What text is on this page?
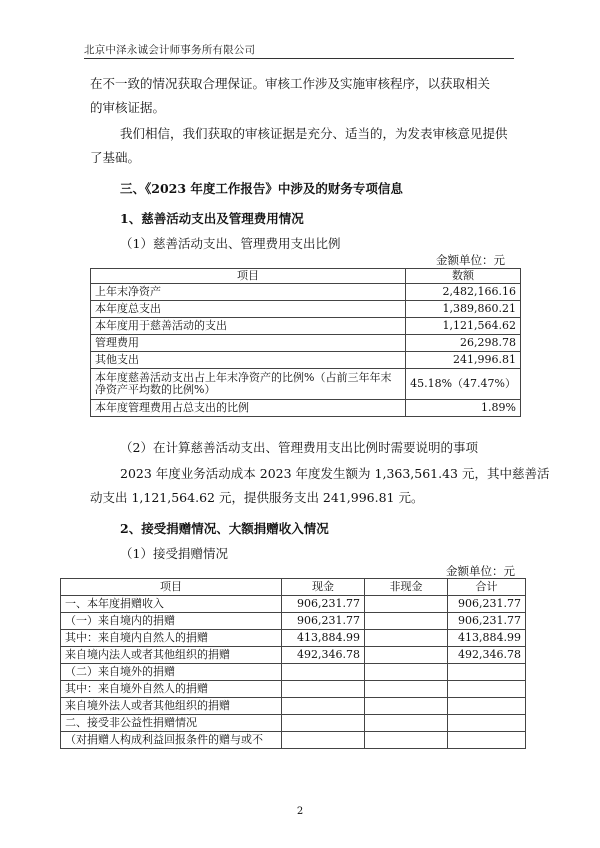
北京中泽永诚会计师事务所有限公司
在不一致的情况获取合理保证。审核工作涉及实施审核程序，以获取相关
的审核证据。
我们相信，我们获取的审核证据是充分、适当的，为发表审核意见提供
了基础。
三、《2023 年度工作报告》中涉及的财务专项信息
1、慈善活动支出及管理费用情况
（1）慈善活动支出、管理费用支出比例
金额单位：元
项目	数额
上年末净资产	2,482,166.16
本年度总支出	1,389,860.21
本年度用于慈善活动的支出	1,121,564.62
管理费用	26,298.78
其他支出	241,996.81
本年度慈善活动支出占上年末净资产的比例%（占前三年年末净资产平均数的比例%）	45.18%（47.47%）
本年度管理费用占总支出的比例	1.89%
（2）在计算慈善活动支出、管理费用支出比例时需要说明的事项
2023 年度业务活动成本 2023 年度发生额为 1,363,561.43 元，其中慈善活
动支出 1,121,564.62 元，提供服务支出 241,996.81 元。
2、接受捐赠情况、大额捐赠收入情况
（1）接受捐赠情况
金额单位：元
项目	现金	非现金	合计
一、本年度捐赠收入	906,231.77		906,231.77
（一）来自境内的捐赠	906,231.77		906,231.77
其中：来自境内自然人的捐赠	413,884.99		413,884.99
来自境内法人或者其他组织的捐赠	492,346.78		492,346.78
（二）来自境外的捐赠			
其中：来自境外自然人的捐赠			
来自境外法人或者其他组织的捐赠			
二、接受非公益性捐赠情况			
（对捐赠人构成利益回报条件的赠与或不			
2
